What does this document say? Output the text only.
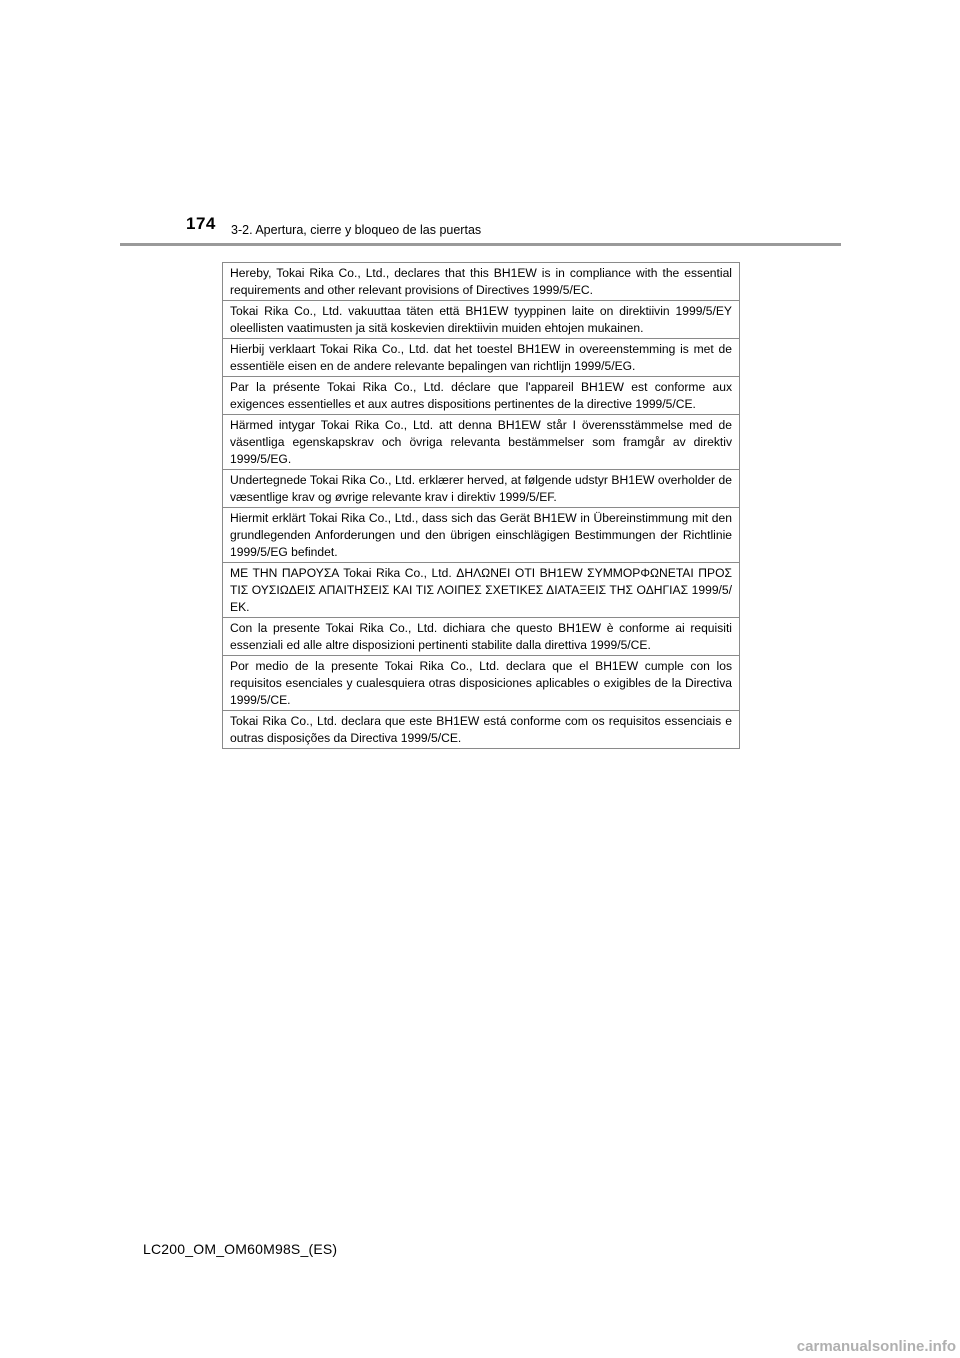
174 3-2. Apertura, cierre y bloqueo de las puertas
Hereby, Tokai Rika Co., Ltd., declares that this BH1EW is in compliance with the essential requirements and other relevant provisions of Directives 1999/5/EC.
Tokai Rika Co., Ltd. vakuuttaa täten että BH1EW tyyppinen laite on direktiivin 1999/5/EY oleellisten vaatimusten ja sitä koskevien direktiivin muiden ehtojen mukainen.
Hierbij verklaart Tokai Rika Co., Ltd. dat het toestel BH1EW in overeenstemming is met de essentiële eisen en de andere relevante bepalingen van richtlijn 1999/5/EG.
Par la présente Tokai Rika Co., Ltd. déclare que l'appareil BH1EW est conforme aux exigences essentielles et aux autres dispositions pertinentes de la directive 1999/5/CE.
Härmed intygar Tokai Rika Co., Ltd. att denna BH1EW står I överensstämmelse med de väsentliga egenskapskrav och övriga relevanta bestämmelser som framgår av direktiv 1999/5/EG.
Undertegnede Tokai Rika Co., Ltd. erklærer herved, at følgende udstyr BH1EW overholder de væsentlige krav og øvrige relevante krav i direktiv 1999/5/EF.
Hiermit erklärt Tokai Rika Co., Ltd., dass sich das Gerät BH1EW in Übereinstimmung mit den grundlegenden Anforderungen und den übrigen einschlägigen Bestimmungen der Richtlinie 1999/5/EG befindet.
ΜΕ ΤΗΝ ΠΑΡΟΥΣΑ Tokai Rika Co., Ltd. ΔΗΛΩΝΕΙ ΟΤΙ BH1EW ΣΥΜΜΟΡΦΩΝΕΤΑΙ ΠΡΟΣ ΤΙΣ ΟΥΣΙΩΔΕΙΣ ΑΠΑΙΤΗΣΕΙΣ ΚΑΙ ΤΙΣ ΛΟΙΠΕΣ ΣΧΕΤΙΚΕΣ ΔΙΑΤΑΞΕΙΣ ΤΗΣ ΟΔΗΓΙΑΣ 1999/5/ΕΚ.
Con la presente Tokai Rika Co., Ltd. dichiara che questo BH1EW è conforme ai requisiti essenziali ed alle altre disposizioni pertinenti stabilite dalla direttiva 1999/5/CE.
Por medio de la presente Tokai Rika Co., Ltd. declara que el BH1EW cumple con los requisitos esenciales y cualesquiera otras disposiciones aplicables o exigibles de la Directiva 1999/5/CE.
Tokai Rika Co., Ltd. declara que este BH1EW está conforme com os requisitos essenciais e outras disposições da Directiva 1999/5/CE.
LC200_OM_OM60M98S_(ES)
carmanualsonline.info
